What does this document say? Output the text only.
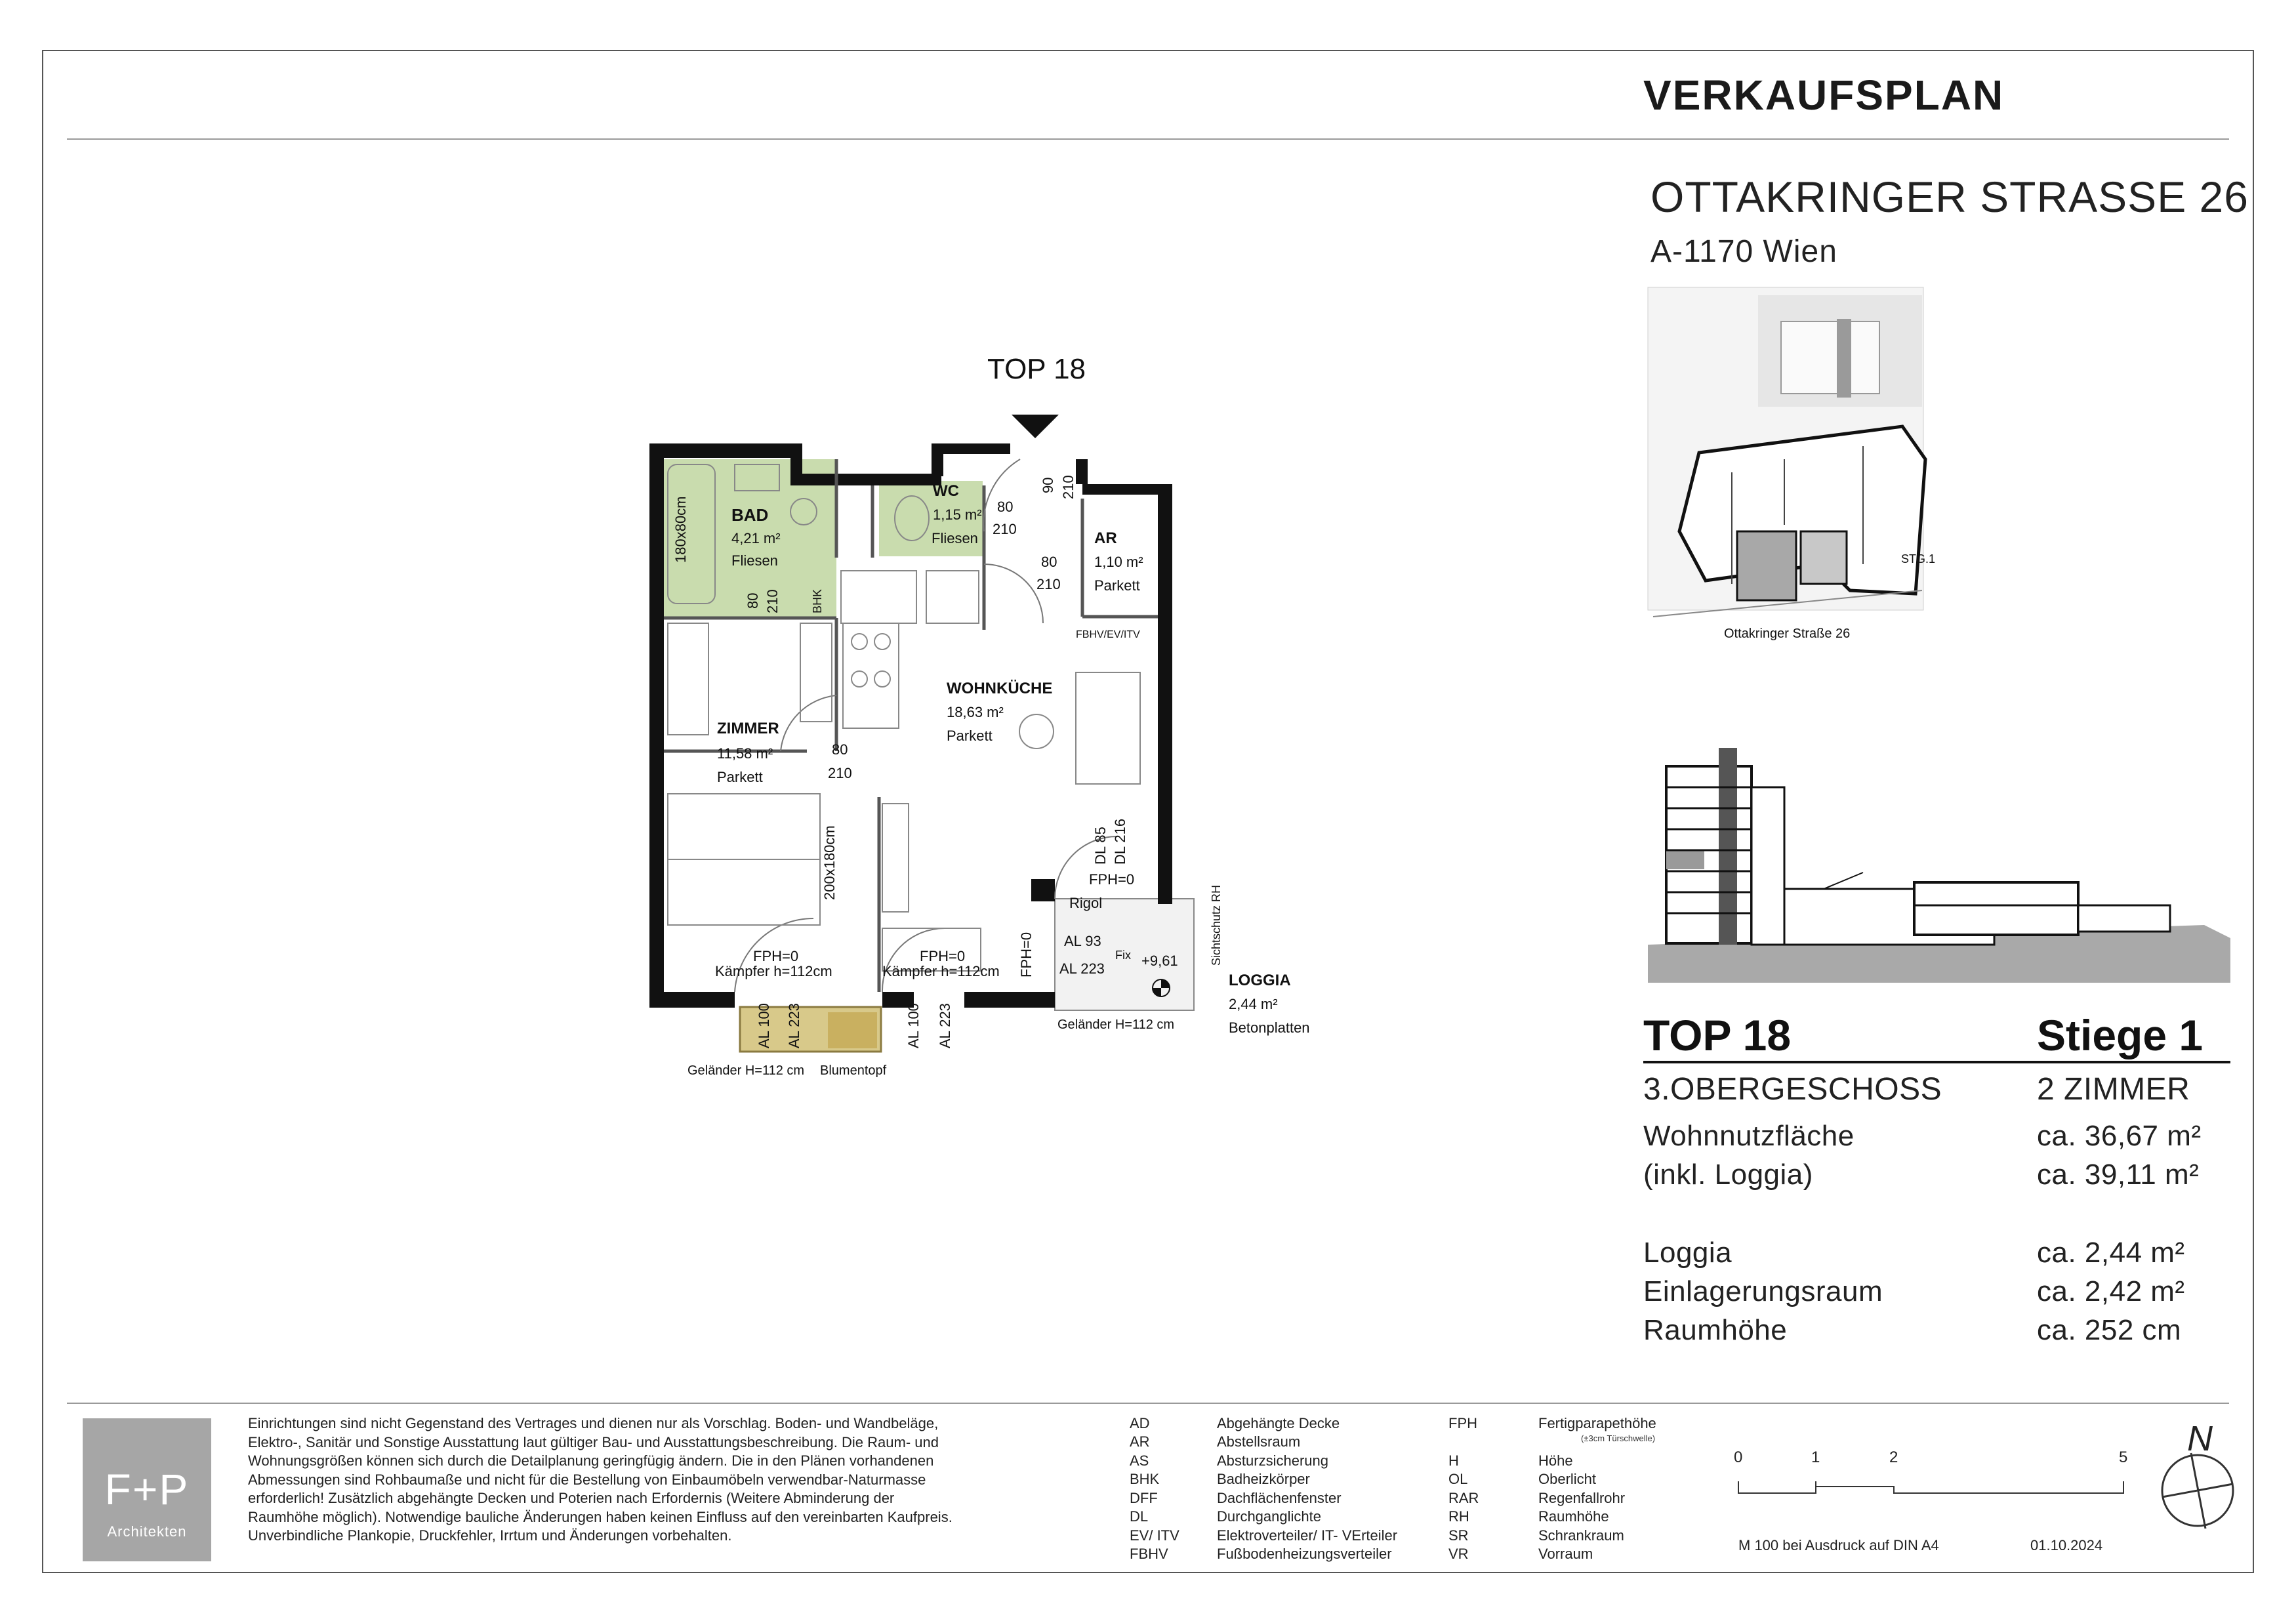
VERKAUFSPLAN
OTTAKRINGER STRASSE 26
A-1170 Wien
TOP 18
BAD
4,21 m²
Fliesen
WC
1,15 m²
Fliesen	AR
1,10 m²
Parkett
ZIMMER
11,58 m²
Parkett
WOHNKÜCHE
18,63 m²
Parkett
LOGGIA
2,44 m²
Betonplatten
180x80cm
200x180cm
BHK
80 210
80
210
90 210
80
210
80
210
FBHV/EV/ITV
DL 85 DL 216
FPH=0
Rigol
AL 93
AL 223
Fix +9,61
FPH=0	Sichtschutz RH
FPH=0
Kämpfer h=112cm
FPH=0
Kämpfer h=112cm
AL 100 AL 223	AL 100 AL 223
Geländer H=112 cm Blumentopf
Geländer H=112 cm
Ottakringer Straße 26
STG.1
TOP 18	Stiege 1
3.OBERGESCHOSS	2 ZIMMER
Wohnnutzfläche	ca. 36,67 m²
(inkl. Loggia)	ca. 39,11 m²
Loggia	ca. 2,44 m²
Einlagerungsraum	ca. 2,42 m²
Raumhöhe	ca. 252 cm
F+P
Architekten
Einrichtungen sind nicht Gegenstand des Vertrages und dienen nur als Vorschlag. Boden- und Wandbeläge, Elektro-, Sanitär und Sonstige Ausstattung laut gültiger Bau- und Ausstattungsbeschreibung. Die Raum- und Wohnungsgrößen können sich durch die Detailplanung geringfügig ändern. Die in den Plänen vorhandenen Abmessungen sind Rohbaumaße und nicht für die Bestellung von Einbaumöbeln verwendbar-Naturmasse erforderlich! Zusätzlich abgehängte Decken und Poterien nach Erfordernis (Weitere Abminderung der Raumhöhe möglich). Notwendige bauliche Änderungen haben keinen Einfluss auf den vereinbarten Kaufpreis. Unverbindliche Plankopie, Druckfehler, Irrtum und Änderungen vorbehalten.
AD	Abgehängte Decke
AR	Abstellsraum
AS	Absturzsicherung
BHK	Badheizkörper
DFF	Dachflächenfenster
DL	Durchganglichte
EV/ ITV	Elektroverteiler/ IT- VErteiler
FBHV	Fußbodenheizungsverteiler
FPH	Fertigparapethöhe
(±3cm Türschwelle)
H	Höhe
OL	Oberlicht
RAR	Regenfallrohr
RH	Raumhöhe
SR	Schrankraum
VR	Vorraum
0	1	2	5
M 100 bei Ausdruck auf DIN A4	01.10.2024
N
